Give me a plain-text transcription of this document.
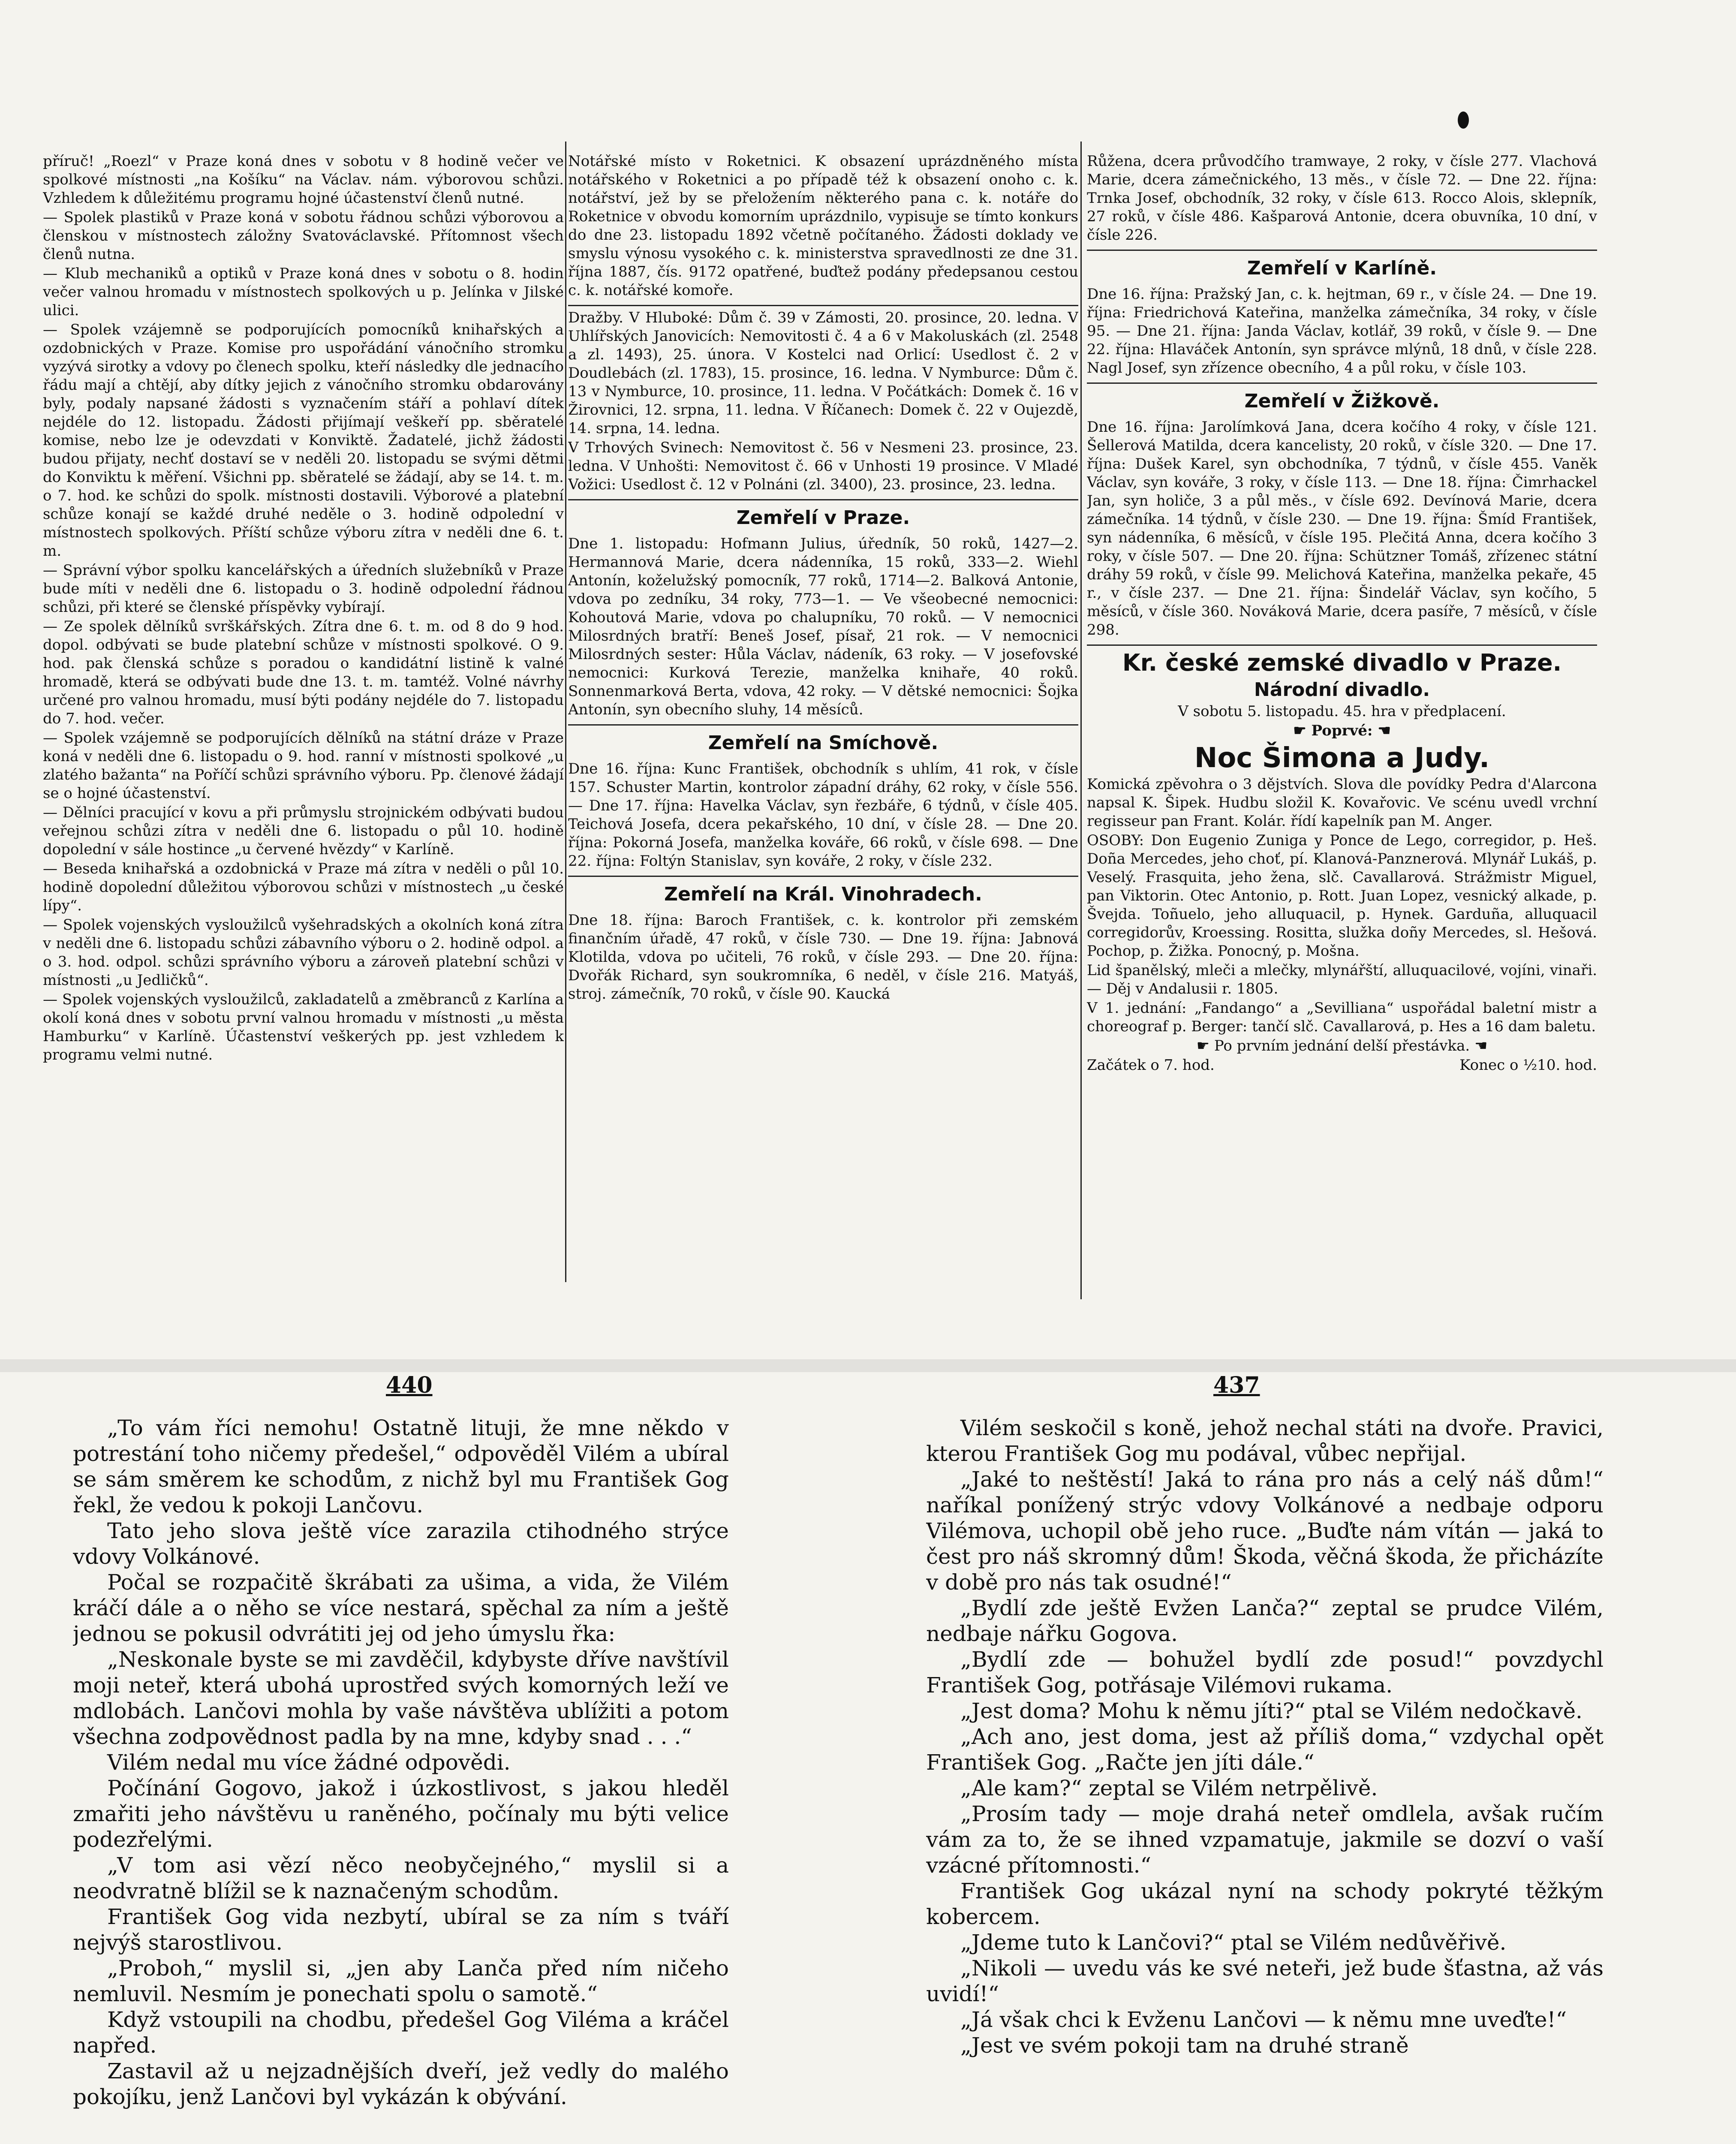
příruč! „Roezl“ v Praze koná dnes v sobotu v 8 hodině večer ve spolkové místnosti „na Košíku“ na Václav. nám. výborovou schůzi. Vzhledem k důležitému programu hojné účastenství členů nutné.

— Spolek plastiků v Praze koná v sobotu řádnou schůzi výborovou a členskou v místnostech záložny Svatováclavské. Přítomnost všech členů nutna.

— Klub mechaniků a optiků v Praze koná dnes v sobotu o 8. hodin večer valnou hromadu v místnostech spolkových u p. Jelínka v Jilské ulici.

— Spolek vzájemně se podporujících pomocníků knihařských a ozdobnických v Praze. Komise pro uspořádání vánočního stromku vyzývá sirotky a vdovy po členech spolku, kteří následky dle jednacího řádu mají a chtějí, aby dítky jejich z vánočního stromku obdarovány byly, podaly napsané žádosti s vyznačením stáří a pohlaví dítek nejdéle do 12. listopadu. Žádosti přijímají veškeří pp. sběratelé komise, nebo lze je odevzdati v Konviktě. Žadatelé, jichž žádosti budou přijaty, nechť dostaví se v neděli 20. listopadu se svými dětmi do Konviktu k měření. Všichni pp. sběratelé se žádají, aby se 14. t. m. o 7. hod. ke schůzi do spolk. místnosti dostavili. Výborové a platební schůze konají se každé druhé neděle o 3. hodině odpolední v místnostech spolkových. Příští schůze výboru zítra v neděli dne 6. t. m.

— Správní výbor spolku kancelářských a úředních služebníků v Praze bude míti v neděli dne 6. listopadu o 3. hodině odpolední řádnou schůzi, při které se členské příspěvky vybírají.

— Ze spolek dělníků svrškářských. Zítra dne 6. t. m. od 8 do 9 hod. dopol. odbývati se bude platební schůze v místnosti spolkové. O 9. hod. pak členská schůze s poradou o kandidátní listině k valné hromadě, která se odbývati bude dne 13. t. m. tamtéž. Volné návrhy určené pro valnou hromadu, musí býti podány nejdéle do 7. listopadu do 7. hod. večer.

— Spolek vzájemně se podporujících dělníků na státní dráze v Praze koná v neděli dne 6. listopadu o 9. hod. ranní v místnosti spolkové „u zlatého bažanta“ na Poříčí schůzi správního výboru. Pp. členové žádají se o hojné účastenství.

— Dělníci pracující v kovu a při průmyslu strojnickém odbývati budou veřejnou schůzi zítra v neděli dne 6. listopadu o půl 10. hodině dopolední v sále hostince „u červené hvězdy“ v Karlíně.

— Beseda knihařská a ozdobnická v Praze má zítra v neděli o půl 10. hodině dopolední důležitou výborovou schůzi v místnostech „u české lípy“.

— Spolek vojenských vysloužilců vyšehradských a okolních koná zítra v neděli dne 6. listopadu schůzi zábavního výboru o 2. hodině odpol. a o 3. hod. odpol. schůzi správního výboru a zároveň platební schůzi v místnosti „u Jedličků“.

— Spolek vojenských vysloužilců, zakladatelů a změbranců z Karlína a okolí koná dnes v sobotu první valnou hromadu v místnosti „u města Hamburku“ v Karlíně. Účastenství veškerých pp. jest vzhledem k programu velmi nutné.

Notářské místo v Roketnici. K obsazení uprázdněného místa notářského v Roketnici a po případě též k obsazení onoho c. k. notářství, jež by se přeložením některého pana c. k. notáře do Roketnice v obvodu komorním uprázdnilo, vypisuje se tímto konkurs do dne 23. listopadu 1892 včetně počítaného. Žádosti doklady ve smyslu výnosu vysokého c. k. ministerstva spravedlnosti ze dne 31. října 1887, čís. 9172 opatřené, buďtež podány předepsanou cestou c. k. notářské komoře.

Dražby. V Hluboké: Dům č. 39 v Zámosti, 20. prosince, 20. ledna. V Uhlířských Janovicích: Nemovitosti č. 4 a 6 v Makoluskách (zl. 2548 a zl. 1493), 25. února. V Kostelci nad Orlicí: Usedlost č. 2 v Doudlebách (zl. 1783), 15. prosince, 16. ledna. V Nymburce: Dům č. 13 v Nymburce, 10. prosince, 11. ledna. V Počátkách: Domek č. 16 v Žirovnici, 12. srpna, 11. ledna. V Říčanech: Domek č. 22 v Oujezdě, 14. srpna, 14. ledna.

V Trhových Svinech: Nemovitost č. 56 v Nesmeni 23. prosince, 23. ledna. V Unhošti: Nemovitost č. 66 v Unhosti 19 prosince. V Mladé Vožici: Usedlost č. 12 v Polnáni (zl. 3400), 23. prosince, 23. ledna.

Zemřelí v Praze.

Dne 1. listopadu: Hofmann Julius, úředník, 50 roků, 1427—2. Hermannová Marie, dcera nádenníka, 15 roků, 333—2. Wiehl Antonín, koželužský pomocník, 77 roků, 1714—2. Balková Antonie, vdova po zedníku, 34 roky, 773—1. — Ve všeobecné nemocnici: Kohoutová Marie, vdova po chalupníku, 70 roků. — V nemocnici Milosrdných bratří: Beneš Josef, písař, 21 rok. — V nemocnici Milosrdných sester: Hůla Václav, nádeník, 63 roky. — V josefovské nemocnici: Kurková Terezie, manželka knihaře, 40 roků. Sonnenmarková Berta, vdova, 42 roky. — V dětské nemocnici: Šojka Antonín, syn obecního sluhy, 14 měsíců.

Zemřelí na Smíchově.

Dne 16. října: Kunc František, obchodník s uhlím, 41 rok, v čísle 157. Schuster Martin, kontrolor západní dráhy, 62 roky, v čísle 556. — Dne 17. října: Havelka Václav, syn řezbáře, 6 týdnů, v čísle 405. Teichová Josefa, dcera pekařského, 10 dní, v čísle 28. — Dne 20. října: Pokorná Josefa, manželka kováře, 66 roků, v čísle 698. — Dne 22. října: Foltýn Stanislav, syn kováře, 2 roky, v čísle 232.

Zemřelí na Král. Vinohradech.

Dne 18. října: Baroch František, c. k. kontrolor při zemském finančním úřadě, 47 roků, v čísle 730. — Dne 19. října: Jabnová Klotilda, vdova po učiteli, 76 roků, v čísle 293. — Dne 20. října: Dvořák Richard, syn soukromníka, 6 neděl, v čísle 216. Matyáš, stroj. zámečník, 70 roků, v čísle 90. Kaucká

Růžena, dcera průvodčího tramwaye, 2 roky, v čísle 277. Vlachová Marie, dcera zámečnického, 13 měs., v čísle 72. — Dne 22. října: Trnka Josef, obchodník, 32 roky, v čísle 613. Rocco Alois, sklepník, 27 roků, v čísle 486. Kašparová Antonie, dcera obuvníka, 10 dní, v čísle 226.

Zemřelí v Karlíně.

Dne 16. října: Pražský Jan, c. k. hejtman, 69 r., v čísle 24. — Dne 19. října: Friedrichová Kateřina, manželka zámečníka, 34 roky, v čísle 95. — Dne 21. října: Janda Václav, kotlář, 39 roků, v čísle 9. — Dne 22. října: Hlaváček Antonín, syn správce mlýnů, 18 dnů, v čísle 228. Nagl Josef, syn zřízence obecního, 4 a půl roku, v čísle 103.

Zemřelí v Žižkově.

Dne 16. října: Jarolímková Jana, dcera kočího 4 roky, v čísle 121. Šellerová Matilda, dcera kancelisty, 20 roků, v čísle 320. — Dne 17. října: Dušek Karel, syn obchodníka, 7 týdnů, v čísle 455. Vaněk Václav, syn kováře, 3 roky, v čísle 113. — Dne 18. října: Čimrhackel Jan, syn holiče, 3 a půl měs., v čísle 692. Devínová Marie, dcera zámečníka. 14 týdnů, v čísle 230. — Dne 19. října: Šmíd František, syn nádenníka, 6 měsíců, v čísle 195. Plečitá Anna, dcera kočího 3 roky, v čísle 507. — Dne 20. října: Schützner Tomáš, zřízenec státní dráhy 59 roků, v čísle 99. Melichová Kateřina, manželka pekaře, 45 r., v čísle 237. — Dne 21. října: Šindelář Václav, syn kočího, 5 měsíců, v čísle 360. Nováková Marie, dcera pasíře, 7 měsíců, v čísle 298.

Kr. české zemské divadlo v Praze.
Národní divadlo.

V sobotu 5. listopadu. 45. hra v předplacení.

☛ Poprvé: ☚

Noc Šimona a Judy.

Komická zpěvohra o 3 dějstvích. Slova dle povídky Pedra d'Alarcona napsal K. Šipek. Hudbu složil K. Kovařovic. Ve scénu uvedl vrchní regisseur pan Frant. Kolár. řídí kapelník pan M. Anger.

OSOBY: Don Eugenio Zuniga y Ponce de Lego, corregidor, p. Heš. Doña Mercedes, jeho choť, pí. Klanová-Panznerová. Mlynář Lukáš, p. Veselý. Frasquita, jeho žena, slč. Cavallarová. Strážmistr Miguel, pan Viktorin. Otec Antonio, p. Rott. Juan Lopez, vesnický alkade, p. Švejda. Toñuelo, jeho alluquacil, p. Hynek. Garduña, alluquacil corregidorův, Kroessing. Rositta, služka doñy Mercedes, sl. Hešová. Pochop, p. Žižka. Ponocný, p. Mošna.

Lid španělský, mleči a mlečky, mlynářští, alluquacilové, vojíni, vinaři. — Děj v Andalusii r. 1805.

V 1. jednání: „Fandango“ a „Sevilliana“ uspořádal baletní mistr a choreograf p. Berger: tančí slč. Cavallarová, p. Hes a 16 dam baletu.

☛ Po prvním jednání delší přestávka. ☚

Začátek o 7. hod.	Konec o ½10. hod.

440	437

„To vám říci nemohu! Ostatně lituji, že mne někdo v potrestání toho ničemy předešel,“ odpověděl Vilém a ubíral se sám směrem ke schodům, z nichž byl mu František Gog řekl, že vedou k pokoji Lančovu.

Tato jeho slova ještě více zarazila ctihodného strýce vdovy Volkánové.

Počal se rozpačitě škrábati za ušima, a vida, že Vilém kráčí dále a o něho se více nestará, spěchal za ním a ještě jednou se pokusil odvrátiti jej od jeho úmyslu řka:

„Neskonale byste se mi zavděčil, kdybyste dříve navštívil moji neteř, která ubohá uprostřed svých komorných leží ve mdlobách. Lančovi mohla by vaše návštěva ublížiti a potom všechna zodpovědnost padla by na mne, kdyby snad . . .“

Vilém nedal mu více žádné odpovědi.

Počínání Gogovo, jakož i úzkostlivost, s jakou hleděl zmařiti jeho návštěvu u raněného, počínaly mu býti velice podezřelými.

„V tom asi vězí něco neobyčejného,“ myslil si a neodvratně blížil se k naznačeným schodům.

František Gog vida nezbytí, ubíral se za ním s tváří nejvýš starostlivou.

„Proboh,“ myslil si, „jen aby Lanča před ním ničeho nemluvil. Nesmím je ponechati spolu o samotě.“

Když vstoupili na chodbu, předešel Gog Viléma a kráčel napřed.

Zastavil až u nejzadnějších dveří, jež vedly do malého pokojíku, jenž Lančovi byl vykázán k obývání.

Vilém seskočil s koně, jehož nechal státi na dvoře. Pravici, kterou František Gog mu podával, vůbec nepřijal.

„Jaké to neštěstí! Jaká to rána pro nás a celý náš dům!“ naříkal ponížený strýc vdovy Volkánové a nedbaje odporu Vilémova, uchopil obě jeho ruce. „Buďte nám vítán — jaká to čest pro náš skromný dům! Škoda, věčná škoda, že přicházíte v době pro nás tak osudné!“

„Bydlí zde ještě Evžen Lanča?“ zeptal se prudce Vilém, nedbaje nářku Gogova.

„Bydlí zde — bohužel bydlí zde posud!“ povzdychl František Gog, potřásaje Vilémovi rukama.

„Jest doma? Mohu k němu jíti?“ ptal se Vilém nedočkavě.

„Ach ano, jest doma, jest až příliš doma,“ vzdychal opět František Gog. „Račte jen jíti dále.“

„Ale kam?“ zeptal se Vilém netrpělivě.

„Prosím tady — moje drahá neteř omdlela, avšak ručím vám za to, že se ihned vzpamatuje, jakmile se dozví o vaší vzácné přítomnosti.“

František Gog ukázal nyní na schody pokryté těžkým kobercem.

„Jdeme tuto k Lančovi?“ ptal se Vilém nedůvěřivě.

„Nikoli — uvedu vás ke své neteři, jež bude šťastna, až vás uvidí!“

„Já však chci k Evženu Lančovi — k němu mne uveďte!“

„Jest ve svém pokoji tam na druhé straně
